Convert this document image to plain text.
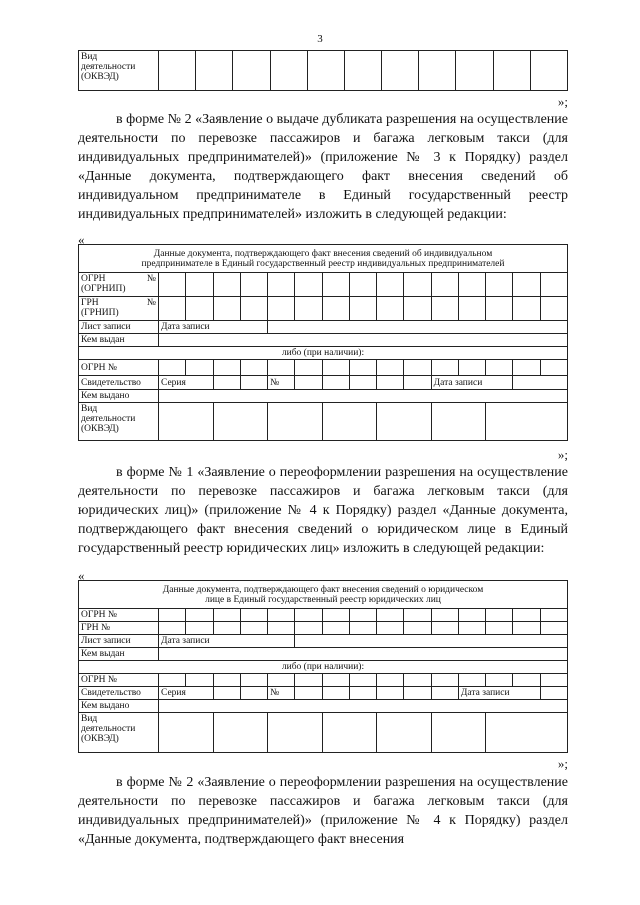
3
Вид
деятельности
(ОКВЭД)

»;

в форме № 2 «Заявление о выдаче дубликата разрешения на осуществление деятельности по перевозке пассажиров и багажа легковым такси (для индивидуальных предпринимателей)» (приложение № 3 к Порядку) раздел «Данные документа, подтверждающего факт внесения сведений об индивидуальном предпринимателе в Единый государственный реестр индивидуальных предпринимателей» изложить в следующей редакции:

«
Данные документа, подтверждающего факт внесения сведений об индивидуальном
предпринимателе в Единый государственный реестр индивидуальных предпринимателей															

ОГРН №
(ОГРНИП)															

ГРН №
(ГРНИП)															

Лист записи	Дата записи														
Кем выдан															
либо (при наличии):															
ОГРН №															
Свидетельство	Серия				№						Дата записи				
Кем выдано															

Вид
деятельности
(ОКВЭД)															

»;

в форме № 1 «Заявление о переоформлении разрешения на осуществление деятельности по перевозке пассажиров и багажа легковым такси (для юридических лиц)» (приложение № 4 к Порядку) раздел «Данные документа, подтверждающего факт внесения сведений о юридическом лице в Единый государственный реестр юридических лиц» изложить в следующей редакции:

«
Данные документа, подтверждающего факт внесения сведений о юридическом
лице в Единый государственный реестр юридических лиц															

ОГРН №															
ГРН №															
Лист записи	Дата записи														
Кем выдан															
либо (при наличии):															
ОГРН №															
Свидетельство	Серия				№							Дата записи			
Кем выдано															

Вид
деятельности
(ОКВЭД)															

»;

в форме № 2 «Заявление о переоформлении разрешения на осуществление деятельности по перевозке пассажиров и багажа легковым такси (для индивидуальных предпринимателей)» (приложение № 4 к Порядку) раздел «Данные документа, подтверждающего факт внесения
